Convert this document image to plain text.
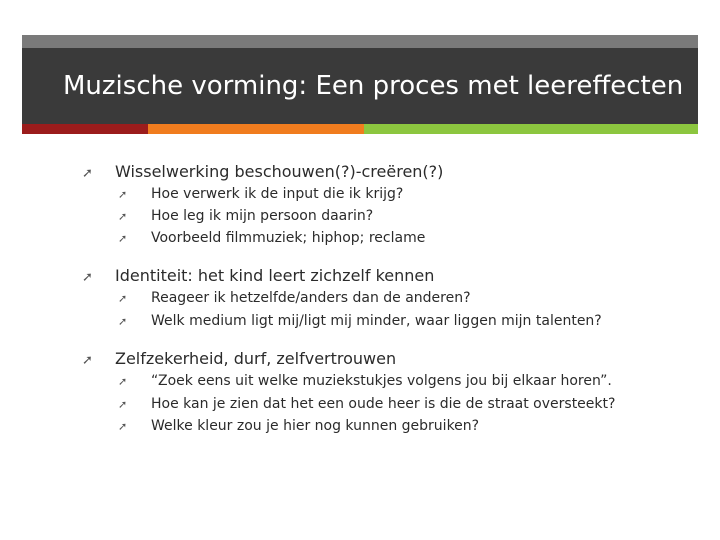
Muzische vorming: Een proces met leereffecten
➚ Wisselwerking beschouwen(?)-creëren(?)
➚ Hoe verwerk ik de input die ik krijg?
➚ Hoe leg ik mijn persoon daarin?
➚ Voorbeeld filmmuziek; hiphop; reclame
➚ Identiteit: het kind leert zichzelf kennen
➚ Reageer ik hetzelfde/anders dan de anderen?
➚ Welk medium ligt mij/ligt mij minder, waar liggen mijn talenten?
➚ Zelfzekerheid, durf, zelfvertrouwen
➚ “Zoek eens uit welke muziekstukjes volgens jou bij elkaar horen”.
➚ Hoe kan je zien dat het een oude heer is die de straat oversteekt?
➚ Welke kleur zou je hier nog kunnen gebruiken?
